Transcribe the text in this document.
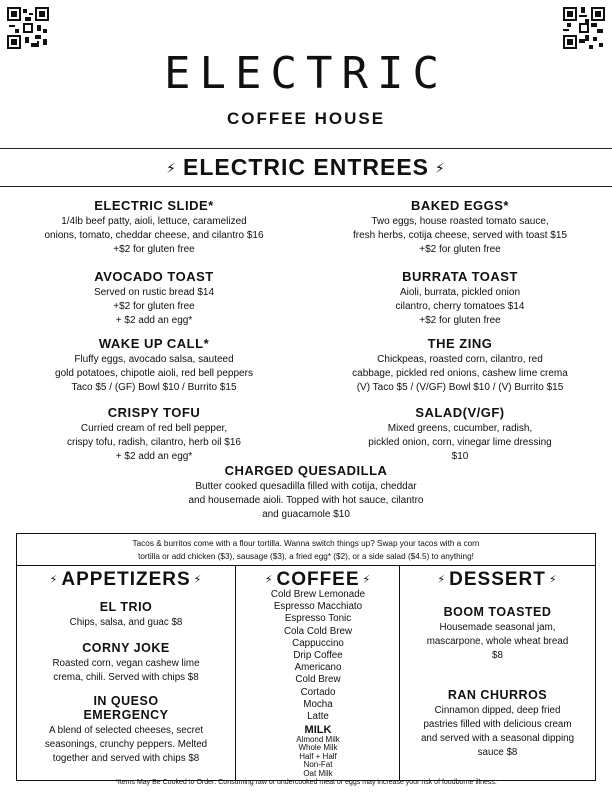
ELECTRIC
COFFEE HOUSE
⚡ ELECTRIC ENTREES ⚡
ELECTRIC SLIDE*

1/4lb beef patty, aioli, lettuce, caramelized

onions, tomato, cheddar cheese, and cilantro $16

+$2 for gluten free

BAKED EGGS*

Two eggs, house roasted tomato sauce,

fresh herbs, cotija cheese, served with toast $15

+$2 for gluten free

AVOCADO TOAST

Served on rustic bread $14

+$2 for gluten free

+ $2 add an egg*

BURRATA TOAST

Aioli, burrata, pickled onion

cilantro, cherry tomatoes $14

+$2 for gluten free

WAKE UP CALL*

Fluffy eggs, avocado salsa, sauteed

gold potatoes, chipotle aioli, red bell peppers

Taco $5 / (GF) Bowl $10 / Burrito $15

THE ZING

Chickpeas, roasted corn, cilantro, red

cabbage, pickled red onions, cashew lime crema

(V) Taco $5 / (V/GF) Bowl $10 / (V) Burrito $15

CRISPY TOFU

Curried cream of red bell pepper,

crispy tofu, radish, cilantro, herb oil $16

+ $2 add an egg*

SALAD(V/GF)

Mixed greens, cucumber, radish,

pickled onion, corn, vinegar lime dressing

$10

CHARGED QUESADILLA

Butter cooked quesadilla filled with cotija, cheddar

and housemade aioli. Topped with hot sauce, cilantro

and guacamole $10

Tacos & burritos come with a flour tortilla. Wanna switch things up? Swap your tacos with a corn
tortilla or add chicken ($3), sausage ($3), a fried egg* ($2), or a side salad ($4.5) to anything!
⚡ APPETIZERS ⚡	⚡ COFFEE ⚡	⚡ DESSERT ⚡
EL TRIO

Chips, salsa, and guac $8

CORNY JOKE

Roasted corn, vegan cashew lime

crema, chili. Served with chips $8

IN QUESO
EMERGENCY

A blend of selected cheeses, secret

seasonings, crunchy peppers. Melted

together and served with chips $8

Cold Brew Lemonade
Espresso Macchiato
Espresso Tonic
Cola Cold Brew
Cappuccino
Drip Coffee
Americano
Cold Brew
Cortado
Mocha
Latte
MILK
Almond Milk
Whole Milk
Half + Half
Non-Fat
Oat Milk
BOOM TOASTED

Housemade seasonal jam,

mascarpone, whole wheat bread

$8

RAN CHURROS

Cinnamon dipped, deep fried

pastries filled with delicious cream

and served with a seasonal dipping

sauce $8

*Items May Be Cooked to Order: Consuming raw or undercooked meat or eggs may increase your risk of foodborne illness.
